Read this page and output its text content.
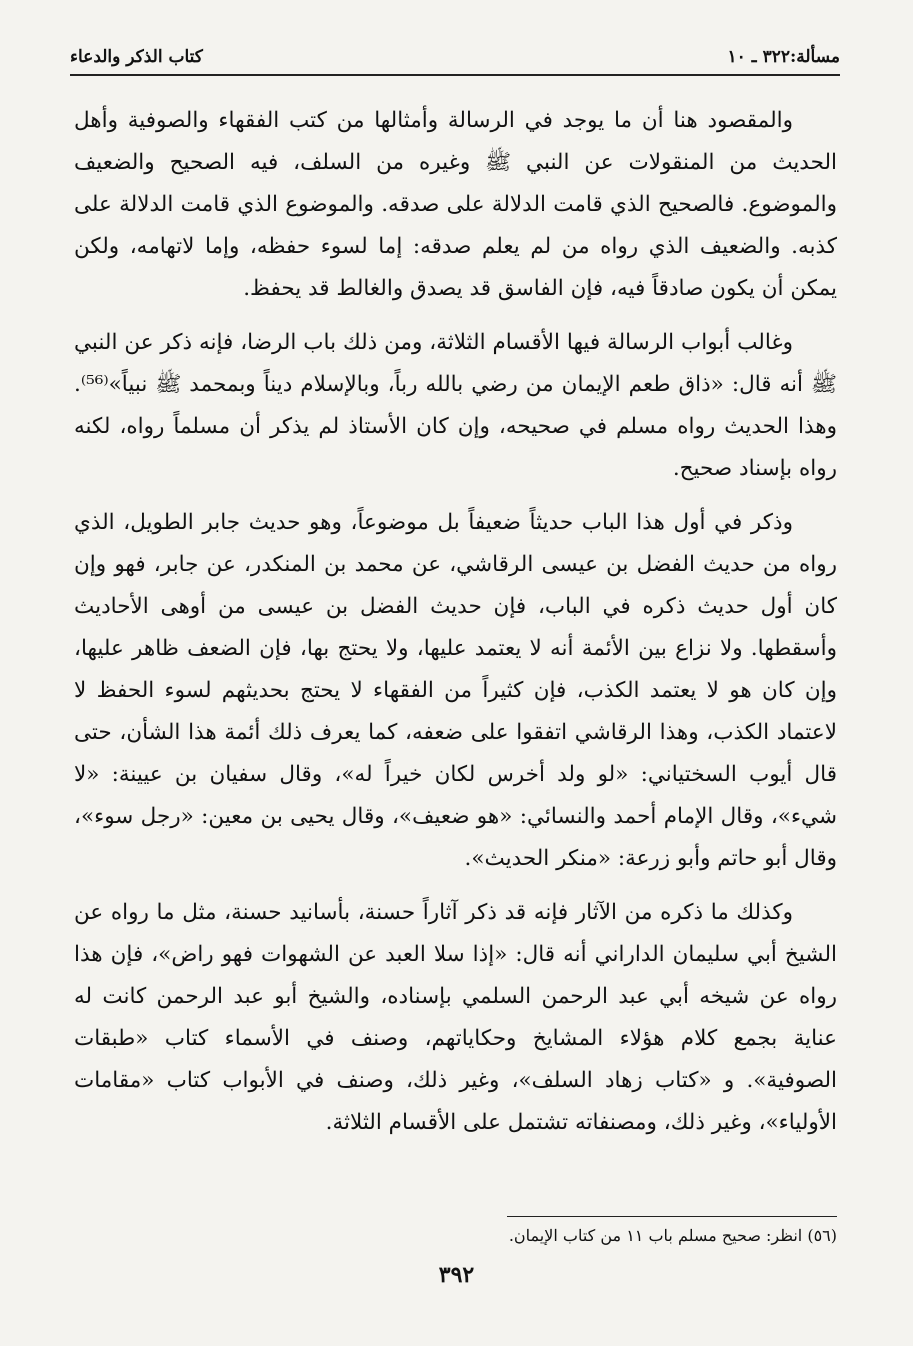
كتاب الذكر والدعاء	مسألة:٣٢٢ ـ ١٠

والمقصود هنا أن ما يوجد في الرسالة وأمثالها من كتب الفقهاء والصوفية وأهل الحديث من المنقولات عن النبي ﷺ وغيره من السلف، فيه الصحيح والضعيف والموضوع. فالصحيح الذي قامت الدلالة على صدقه. والموضوع الذي قامت الدلالة على كذبه. والضعيف الذي رواه من لم يعلم صدقه: إما لسوء حفظه، وإما لاتهامه، ولكن يمكن أن يكون صادقاً فيه، فإن الفاسق قد يصدق والغالط قد يحفظ.

وغالب أبواب الرسالة فيها الأقسام الثلاثة، ومن ذلك باب الرضا، فإنه ذكر عن النبي ﷺ أنه قال: «ذاق طعم الإيمان من رضي بالله رباً، وبالإسلام ديناً وبمحمد ﷺ نبياً»⁽⁵⁶⁾. وهذا الحديث رواه مسلم في صحيحه، وإن كان الأستاذ لم يذكر أن مسلماً رواه، لكنه رواه بإسناد صحيح.

وذكر في أول هذا الباب حديثاً ضعيفاً بل موضوعاً، وهو حديث جابر الطويل، الذي رواه من حديث الفضل بن عيسى الرقاشي، عن محمد بن المنكدر، عن جابر، فهو وإن كان أول حديث ذكره في الباب، فإن حديث الفضل بن عيسى من أوهى الأحاديث وأسقطها. ولا نزاع بين الأئمة أنه لا يعتمد عليها، ولا يحتج بها، فإن الضعف ظاهر عليها، وإن كان هو لا يعتمد الكذب، فإن كثيراً من الفقهاء لا يحتج بحديثهم لسوء الحفظ لا لاعتماد الكذب، وهذا الرقاشي اتفقوا على ضعفه، كما يعرف ذلك أئمة هذا الشأن، حتى قال أيوب السختياني: «لو ولد أخرس لكان خيراً له»، وقال سفيان بن عيينة: «لا شيء»، وقال الإمام أحمد والنسائي: «هو ضعيف»، وقال يحيى بن معين: «رجل سوء»، وقال أبو حاتم وأبو زرعة: «منكر الحديث».

وكذلك ما ذكره من الآثار فإنه قد ذكر آثاراً حسنة، بأسانيد حسنة، مثل ما رواه عن الشيخ أبي سليمان الداراني أنه قال: «إذا سلا العبد عن الشهوات فهو راض»، فإن هذا رواه عن شيخه أبي عبد الرحمن السلمي بإسناده، والشيخ أبو عبد الرحمن كانت له عناية بجمع كلام هؤلاء المشايخ وحكاياتهم، وصنف في الأسماء كتاب «طبقات الصوفية». و «كتاب زهاد السلف»، وغير ذلك، وصنف في الأبواب كتاب «مقامات الأولياء»، وغير ذلك، ومصنفاته تشتمل على الأقسام الثلاثة.

(٥٦) انظر: صحيح مسلم باب ١١ من كتاب الإيمان.
٣٩٢
